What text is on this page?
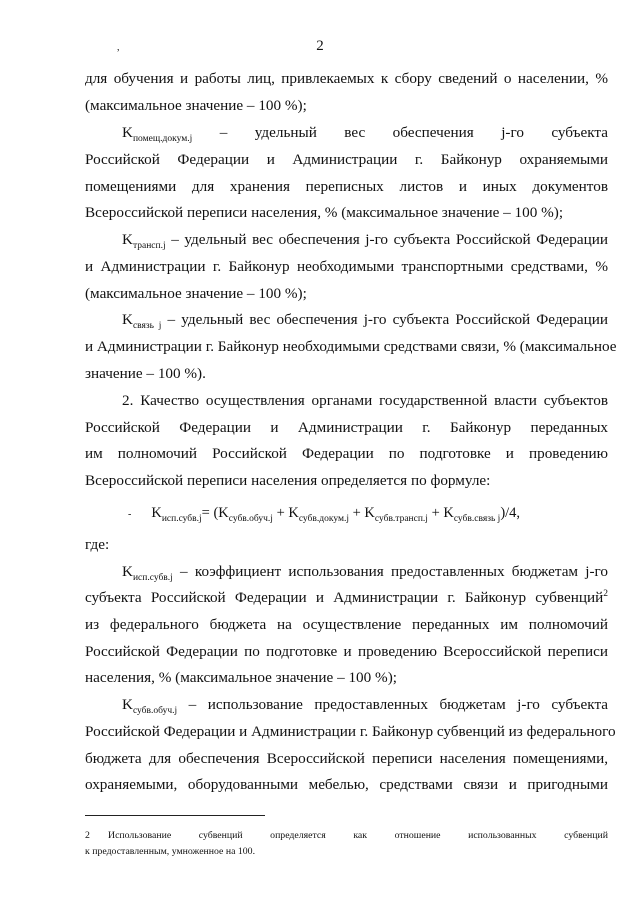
,	2
для обучения и работы лиц, привлекаемых к сбору сведений о населении, %
(максимальное значение – 100 %);
$K_{помещ.докум.j}$ – удельный вес обеспечения j-го субъекта
Российской Федерации и Администрации г. Байконур охраняемыми
помещениями для хранения переписных листов и иных документов
Всероссийской переписи населения, % (максимальное значение – 100 %);
$K_{трансп.j}$ – удельный вес обеспечения j-го субъекта Российской Федерации
и Администрации г. Байконур необходимыми транспортными средствами, %
(максимальное значение – 100 %);
$K_{связь j}$ – удельный вес обеспечения j-го субъекта Российской Федерации
и Администрации г. Байконур необходимыми средствами связи, % (максимальное
значение – 100 %).
2. Качество осуществления органами государственной власти субъектов
Российской Федерации и Администрации г. Байконур переданных
им полномочий Российской Федерации по подготовке и проведению
Всероссийской переписи населения определяется по формуле:
- $K_{исп.субв.j}= (K_{субв.обуч.j} + K_{субв.докум.j} + K_{субв.трансп.j} + K_{субв.связь j})/4$,
где:
$K_{исп.субв.j}$ – коэффициент использования предоставленных бюджетам j-го
субъекта Российской Федерации и Администрации г. Байконур субвенций$^2$
из федерального бюджета на осуществление переданных им полномочий
Российской Федерации по подготовке и проведению Всероссийской переписи
населения, % (максимальное значение – 100 %);
$K_{субв.обуч.j}$ – использование предоставленных бюджетам j-го субъекта
Российской Федерации и Администрации г. Байконур субвенций из федерального
бюджета для обеспечения Всероссийской переписи населения помещениями,
охраняемыми, оборудованными мебелью, средствами связи и пригодными
2 Использование субвенций определяется как отношение использованных субвенций
к предоставленным, умноженное на 100.
